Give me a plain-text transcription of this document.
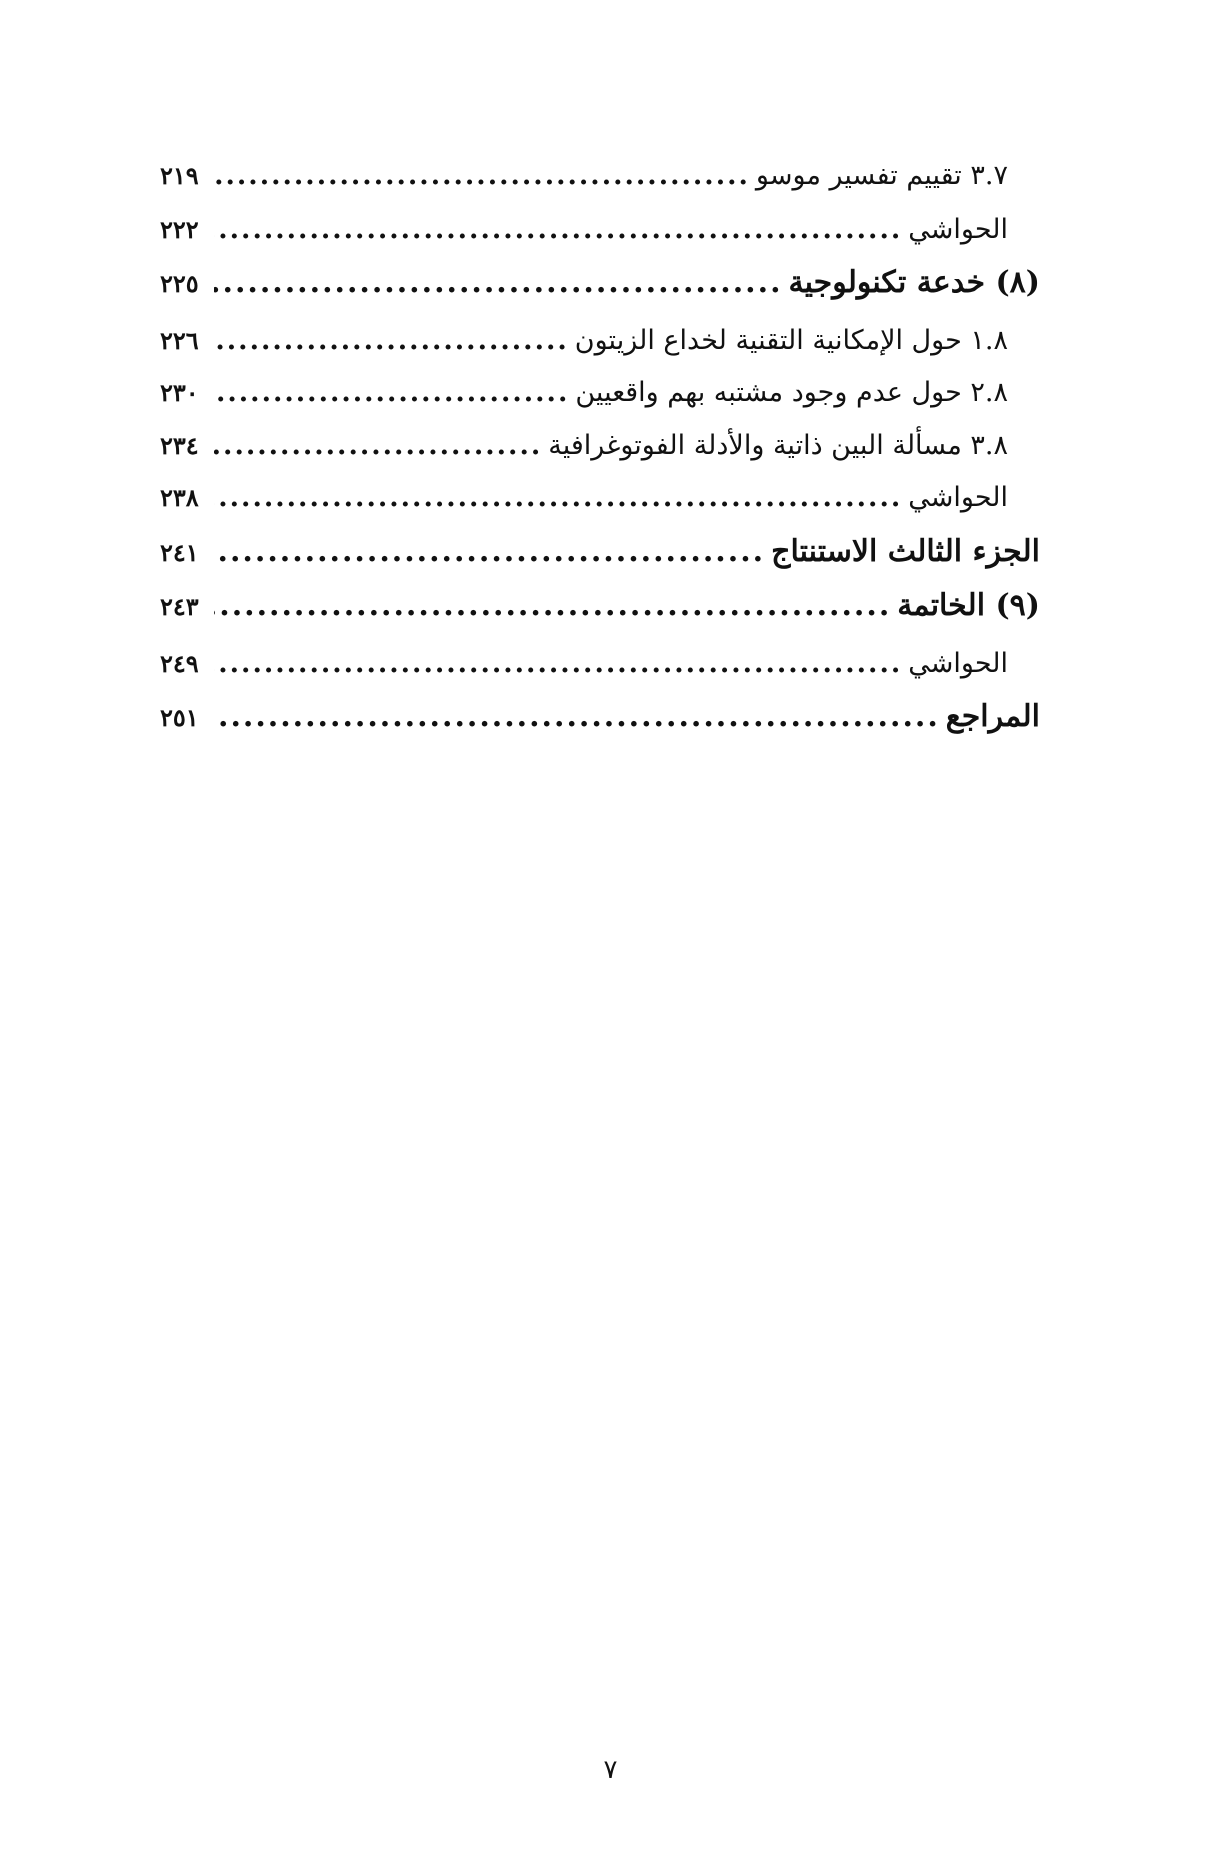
٣.٧ تقييم تفسير موسو
.....
٢١٩
الحواشي
.....
٢٢٢
(٨) خدعة تكنولوجية
.....
٢٢٥
١.٨ حول الإمكانية التقنية لخداع الزيتون
.....
٢٢٦
٢.٨ حول عدم وجود مشتبه بهم واقعيين
.....
٢٣٠
٣.٨ مسألة البين ذاتية والأدلة الفوتوغرافية
.....
٢٣٤
الحواشي
.....
٢٣٨
الجزء الثالث الاستنتاج
.....
٢٤١
(٩) الخاتمة
.....
٢٤٣
الحواشي
.....
٢٤٩
المراجع
.....
٢٥١
٧
